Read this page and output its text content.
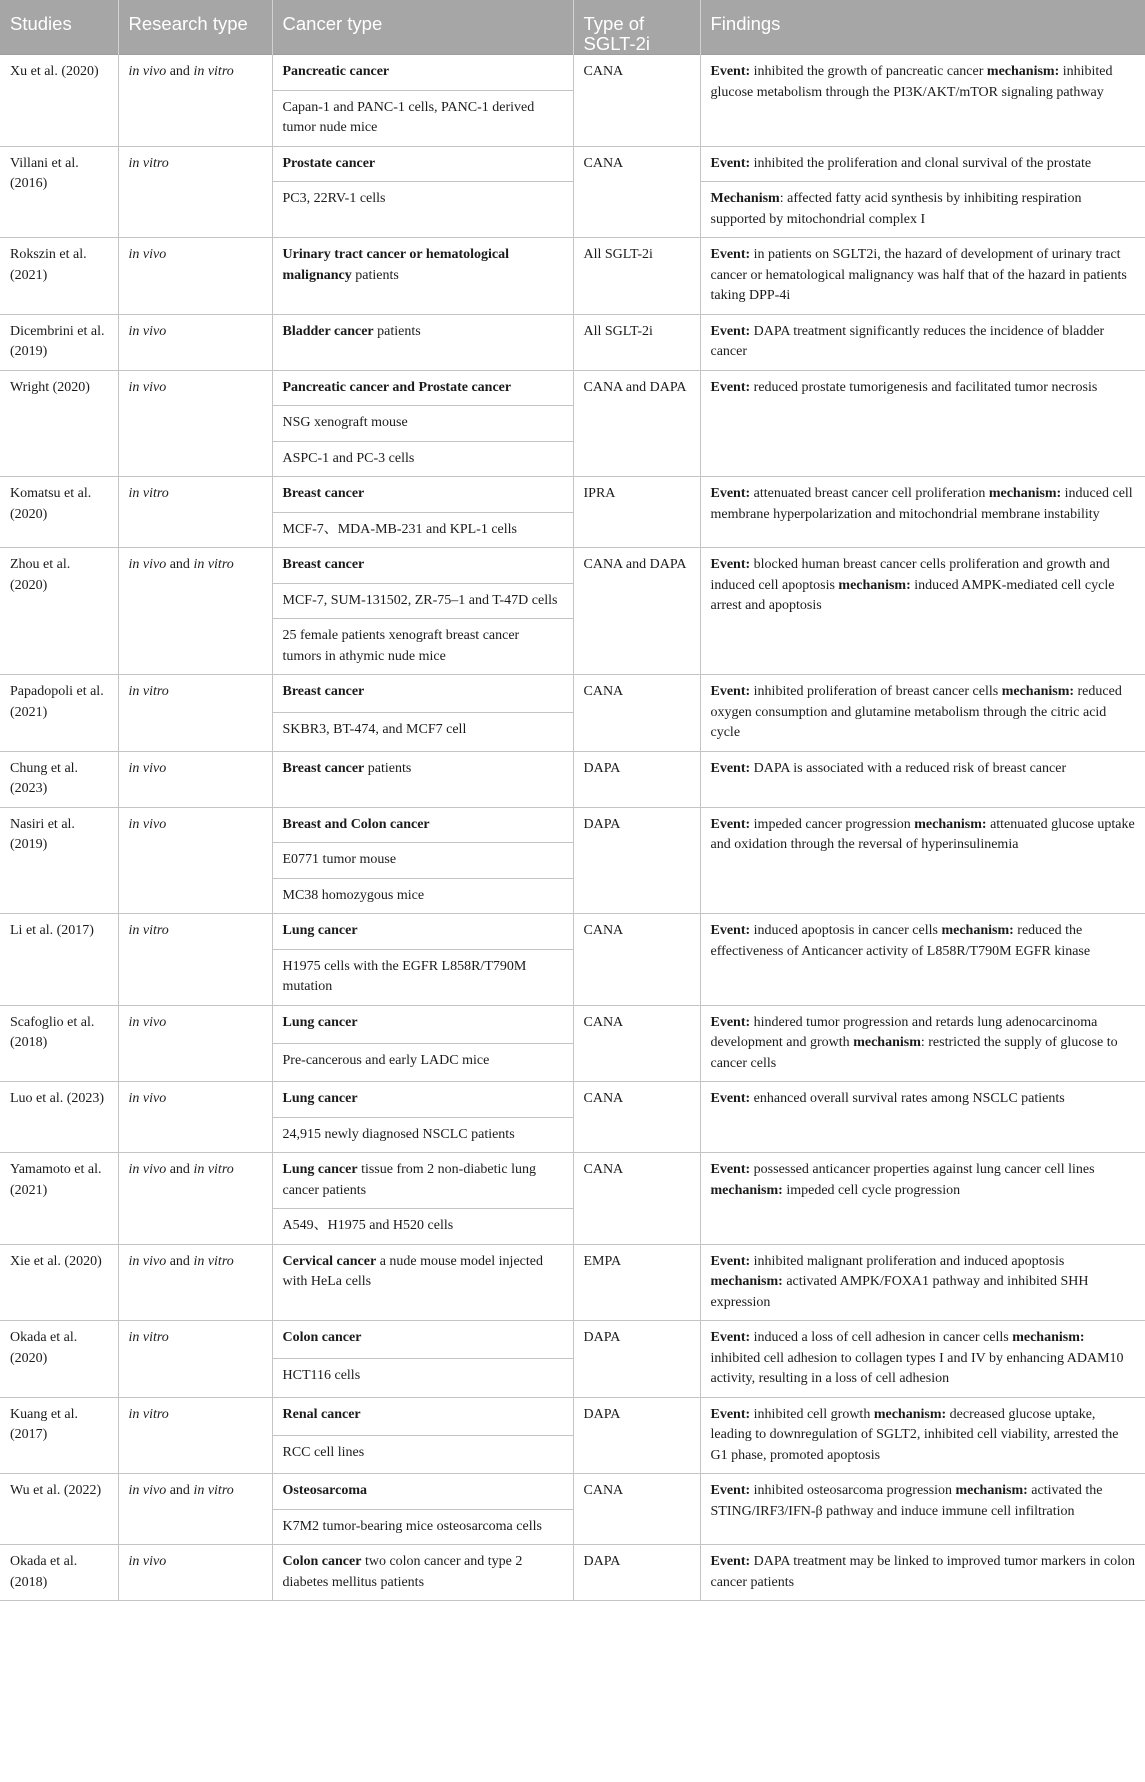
Studies	Research type	Cancer type	Type of SGLT-2i	Findings
Xu et al. (2020)	in vivo and in vitro	Pancreatic cancer	CANA	Event: inhibited the growth of pancreatic cancer mechanism: inhibited glucose metabolism through the PI3K/AKT/mTOR signaling pathway
		Capan-1 and PANC-1 cells, PANC-1 derived tumor nude mice		
Villani et al. (2016)	in vitro	Prostate cancer	CANA	Event: inhibited the proliferation and clonal survival of the prostate
		PC3, 22RV-1 cells		Mechanism: affected fatty acid synthesis by inhibiting respiration supported by mitochondrial complex I
Rokszin et al. (2021)	in vivo	Urinary tract cancer or hematological malignancy patients	All SGLT-2i	Event: in patients on SGLT2i, the hazard of development of urinary tract cancer or hematological malignancy was half that of the hazard in patients taking DPP-4i
Dicembrini et al. (2019)	in vivo	Bladder cancer patients	All SGLT-2i	Event: DAPA treatment significantly reduces the incidence of bladder cancer
Wright (2020)	in vivo	Pancreatic cancer and Prostate cancer	CANA and DAPA	Event: reduced prostate tumorigenesis and facilitated tumor necrosis
		NSG xenograft mouse		
		ASPC-1 and PC-3 cells		
Komatsu et al. (2020)	in vitro	Breast cancer	IPRA	Event: attenuated breast cancer cell proliferation mechanism: induced cell membrane hyperpolarization and mitochondrial membrane instability
		MCF-7、MDA-MB-231 and KPL-1 cells		
Zhou et al. (2020)	in vivo and in vitro	Breast cancer	CANA and DAPA	Event: blocked human breast cancer cells proliferation and growth and induced cell apoptosis mechanism: induced AMPK-mediated cell cycle arrest and apoptosis
		MCF-7, SUM-131502, ZR-75–1 and T-47D cells		
		25 female patients xenograft breast cancer tumors in athymic nude mice		
Papadopoli et al. (2021)	in vitro	Breast cancer	CANA	Event: inhibited proliferation of breast cancer cells mechanism: reduced oxygen consumption and glutamine metabolism through the citric acid cycle
		SKBR3, BT-474, and MCF7 cell		
Chung et al. (2023)	in vivo	Breast cancer patients	DAPA	Event: DAPA is associated with a reduced risk of breast cancer
Nasiri et al. (2019)	in vivo	Breast and Colon cancer	DAPA	Event: impeded cancer progression mechanism: attenuated glucose uptake and oxidation through the reversal of hyperinsulinemia
		E0771 tumor mouse		
		MC38 homozygous mice		
Li et al. (2017)	in vitro	Lung cancer	CANA	Event: induced apoptosis in cancer cells mechanism: reduced the effectiveness of Anticancer activity of L858R/T790M EGFR kinase
		H1975 cells with the EGFR L858R/T790M mutation		
Scafoglio et al. (2018)	in vivo	Lung cancer	CANA	Event: hindered tumor progression and retards lung adenocarcinoma development and growth mechanism: restricted the supply of glucose to cancer cells
		Pre-cancerous and early LADC mice		
Luo et al. (2023)	in vivo	Lung cancer	CANA	Event: enhanced overall survival rates among NSCLC patients
		24,915 newly diagnosed NSCLC patients		
Yamamoto et al. (2021)	in vivo and in vitro	Lung cancer tissue from 2 non-diabetic lung cancer patients	CANA	Event: possessed anticancer properties against lung cancer cell lines mechanism: impeded cell cycle progression
		A549、H1975 and H520 cells		
Xie et al. (2020)	in vivo and in vitro	Cervical cancer a nude mouse model injected with HeLa cells	EMPA	Event: inhibited malignant proliferation and induced apoptosis mechanism: activated AMPK/FOXA1 pathway and inhibited SHH expression
Okada et al. (2020)	in vitro	Colon cancer	DAPA	Event: induced a loss of cell adhesion in cancer cells mechanism: inhibited cell adhesion to collagen types I and IV by enhancing ADAM10 activity, resulting in a loss of cell adhesion
		HCT116 cells		
Kuang et al. (2017)	in vitro	Renal cancer	DAPA	Event: inhibited cell growth mechanism: decreased glucose uptake, leading to downregulation of SGLT2, inhibited cell viability, arrested the G1 phase, promoted apoptosis
		RCC cell lines		
Wu et al. (2022)	in vivo and in vitro	Osteosarcoma	CANA	Event: inhibited osteosarcoma progression mechanism: activated the STING/IRF3/IFN-β pathway and induce immune cell infiltration
		K7M2 tumor-bearing mice osteosarcoma cells		
Okada et al. (2018)	in vivo	Colon cancer two colon cancer and type 2 diabetes mellitus patients	DAPA	Event: DAPA treatment may be linked to improved tumor markers in colon cancer patients
